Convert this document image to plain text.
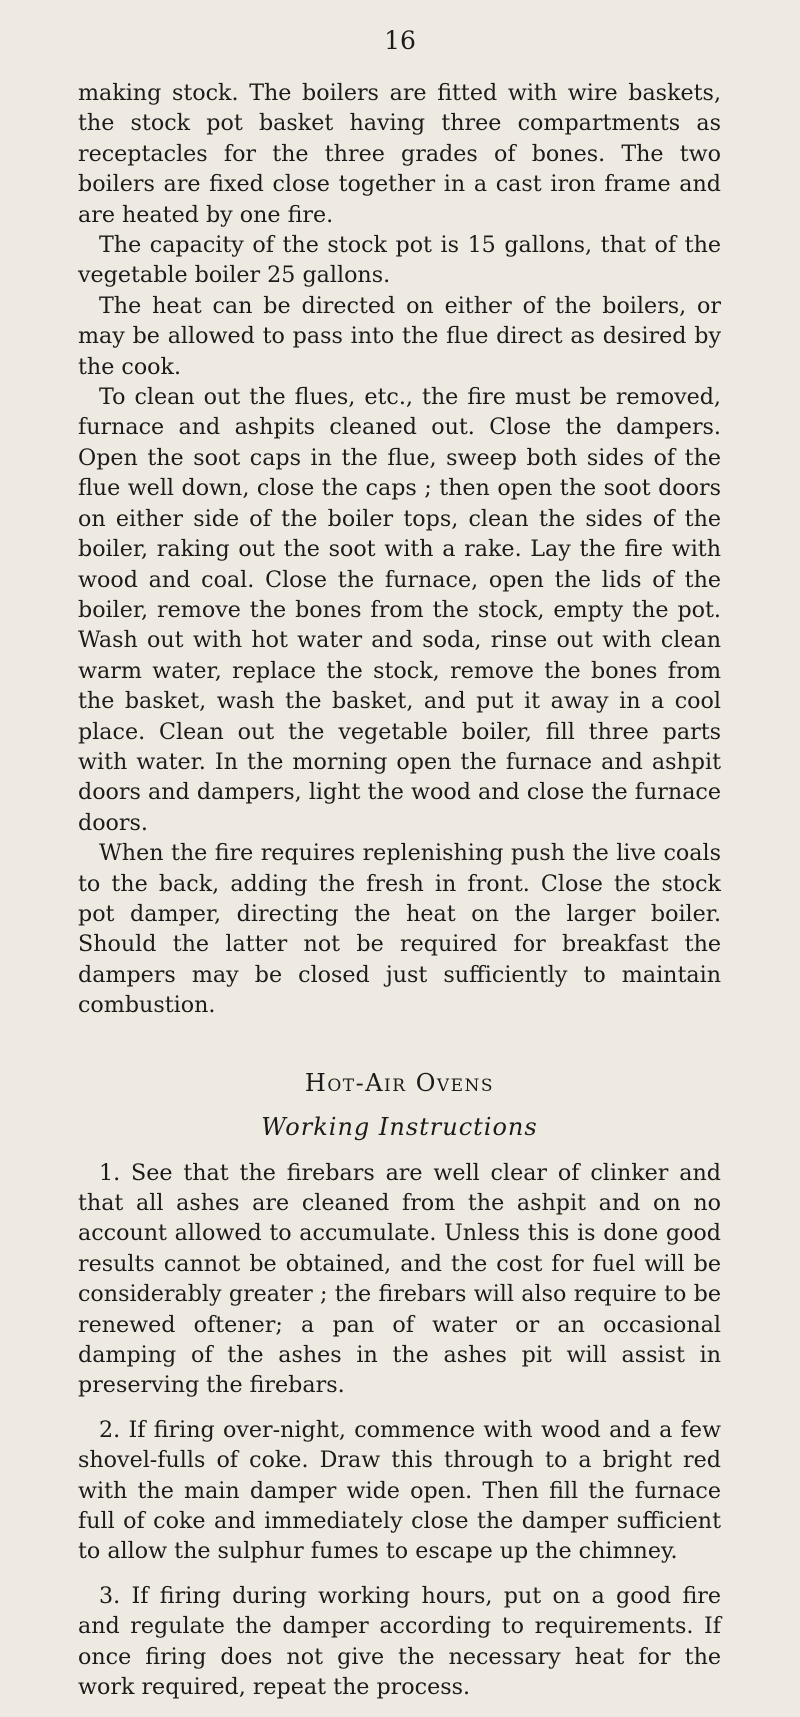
16

making stock. The boilers are fitted with wire baskets, the stock pot basket having three compartments as receptacles for the three grades of bones. The two boilers are fixed close together in a cast iron frame and are heated by one fire.

The capacity of the stock pot is 15 gallons, that of the vegetable boiler 25 gallons.

The heat can be directed on either of the boilers, or may be allowed to pass into the flue direct as desired by the cook.

To clean out the flues, etc., the fire must be removed, furnace and ashpits cleaned out. Close the dampers. Open the soot caps in the flue, sweep both sides of the flue well down, close the caps ; then open the soot doors on either side of the boiler tops, clean the sides of the boiler, raking out the soot with a rake. Lay the fire with wood and coal. Close the furnace, open the lids of the boiler, remove the bones from the stock, empty the pot. Wash out with hot water and soda, rinse out with clean warm water, replace the stock, remove the bones from the basket, wash the basket, and put it away in a cool place. Clean out the vegetable boiler, fill three parts with water. In the morning open the furnace and ashpit doors and dampers, light the wood and close the furnace doors.

When the fire requires replenishing push the live coals to the back, adding the fresh in front. Close the stock pot damper, directing the heat on the larger boiler. Should the latter not be required for breakfast the dampers may be closed just sufficiently to maintain combustion.

Hot-Air Ovens
Working Instructions

1. See that the firebars are well clear of clinker and that all ashes are cleaned from the ashpit and on no account allowed to accumulate. Unless this is done good results cannot be obtained, and the cost for fuel will be considerably greater ; the firebars will also require to be renewed oftener; a pan of water or an occasional damping of the ashes in the ashes pit will assist in preserving the firebars.

2. If firing over-night, commence with wood and a few shovel-fulls of coke. Draw this through to a bright red with the main damper wide open. Then fill the furnace full of coke and immediately close the damper sufficient to allow the sulphur fumes to escape up the chimney.

3. If firing during working hours, put on a good fire and regulate the damper according to requirements. If once firing does not give the necessary heat for the work required, repeat the process.
